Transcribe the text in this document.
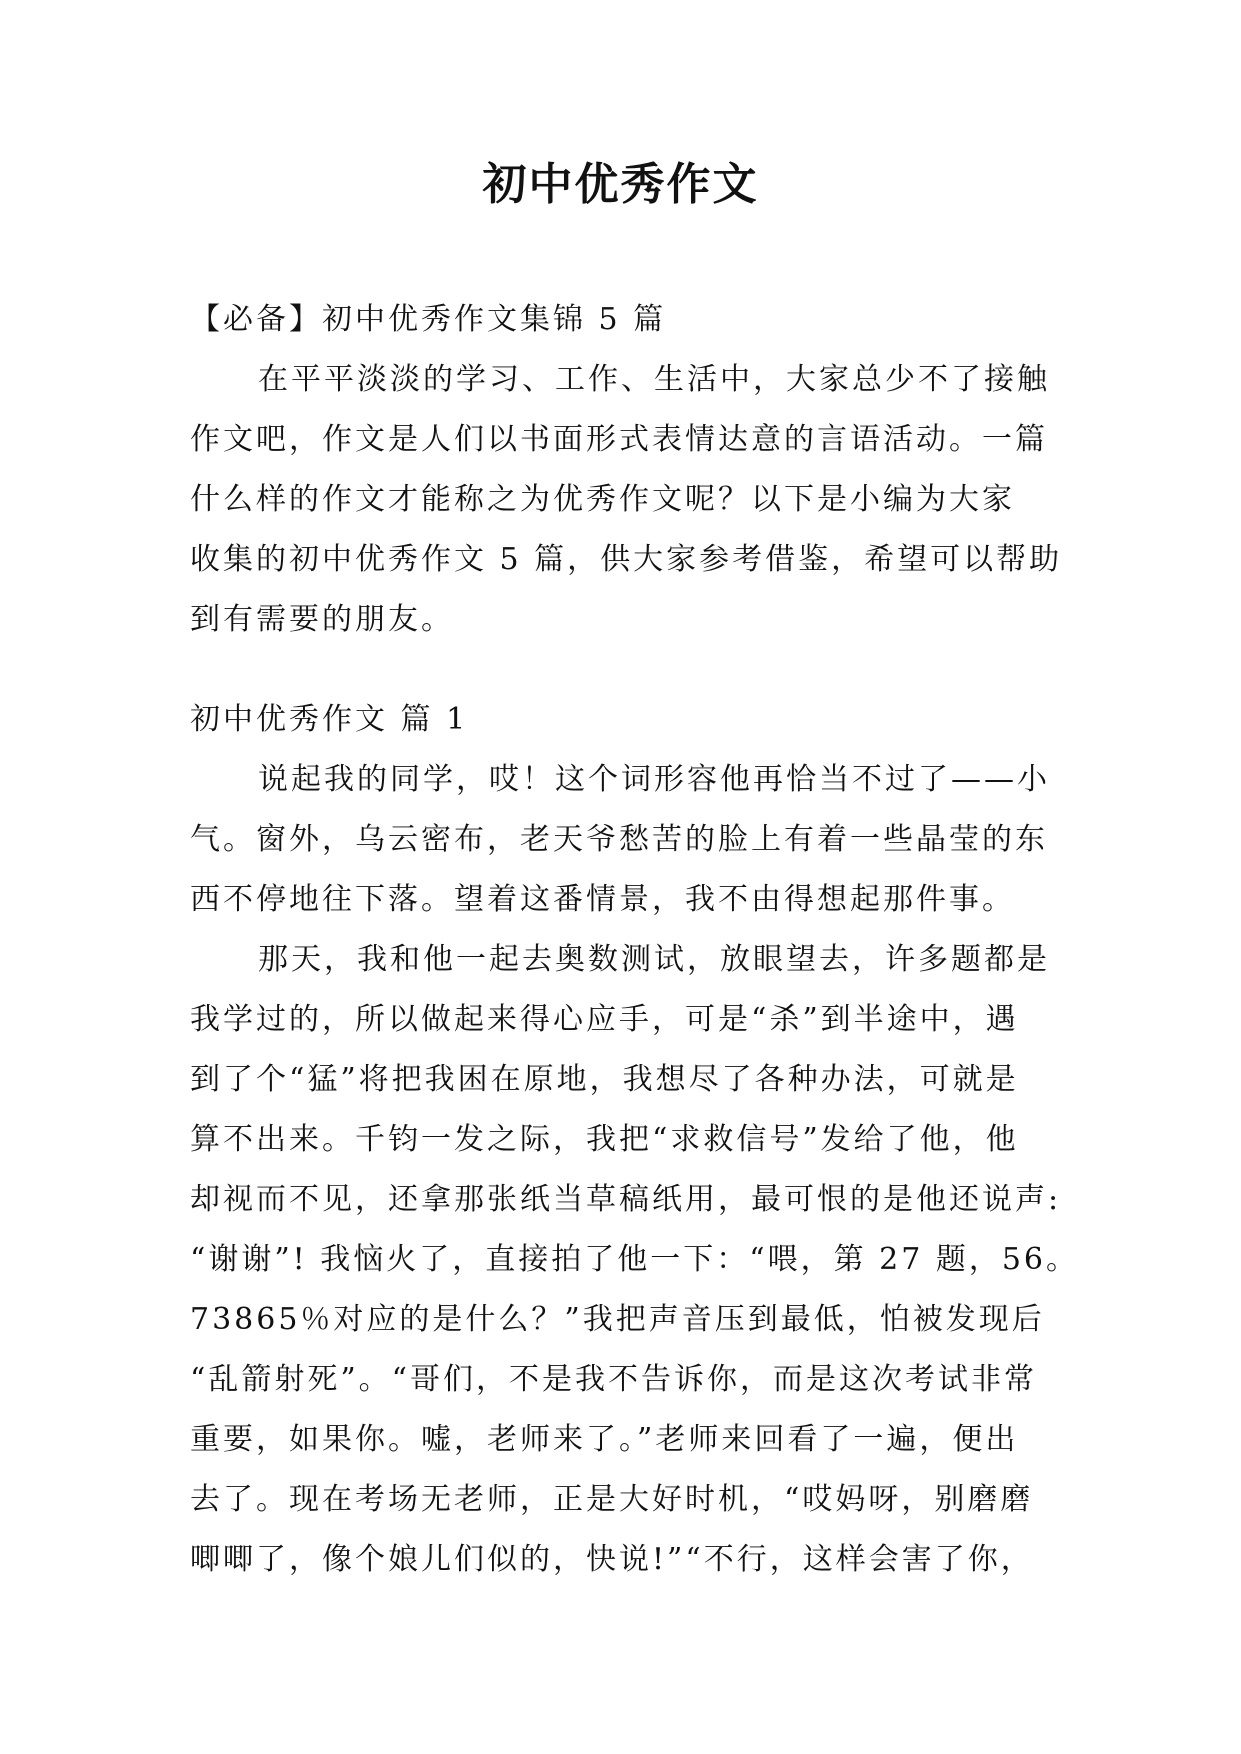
初中优秀作文
【必备】初中优秀作文集锦 5 篇
在平平淡淡的学习、工作、生活中，大家总少不了接触
作文吧，作文是人们以书面形式表情达意的言语活动。一篇
什么样的作文才能称之为优秀作文呢？以下是小编为大家
收集的初中优秀作文 5 篇，供大家参考借鉴，希望可以帮助
到有需要的朋友。
初中优秀作文 篇 1
说起我的同学，哎！这个词形容他再恰当不过了——小
气。窗外，乌云密布，老天爷愁苦的脸上有着一些晶莹的东
西不停地往下落。望着这番情景，我不由得想起那件事。
那天，我和他一起去奥数测试，放眼望去，许多题都是
我学过的，所以做起来得心应手，可是“杀”到半途中，遇
到了个“猛”将把我困在原地，我想尽了各种办法，可就是
算不出来。千钧一发之际，我把“求救信号”发给了他，他
却视而不见，还拿那张纸当草稿纸用，最可恨的是他还说声:
“谢谢”! 我恼火了，直接拍了他一下：“喂，第 27 题，56。
73865％对应的是什么？”我把声音压到最低，怕被发现后
“乱箭射死”。“哥们，不是我不告诉你，而是这次考试非常
重要，如果你。嘘，老师来了。”老师来回看了一遍，便出
去了。现在考场无老师，正是大好时机，“哎妈呀，别磨磨
唧唧了，像个娘儿们似的，快说!”“不行，这样会害了你，
